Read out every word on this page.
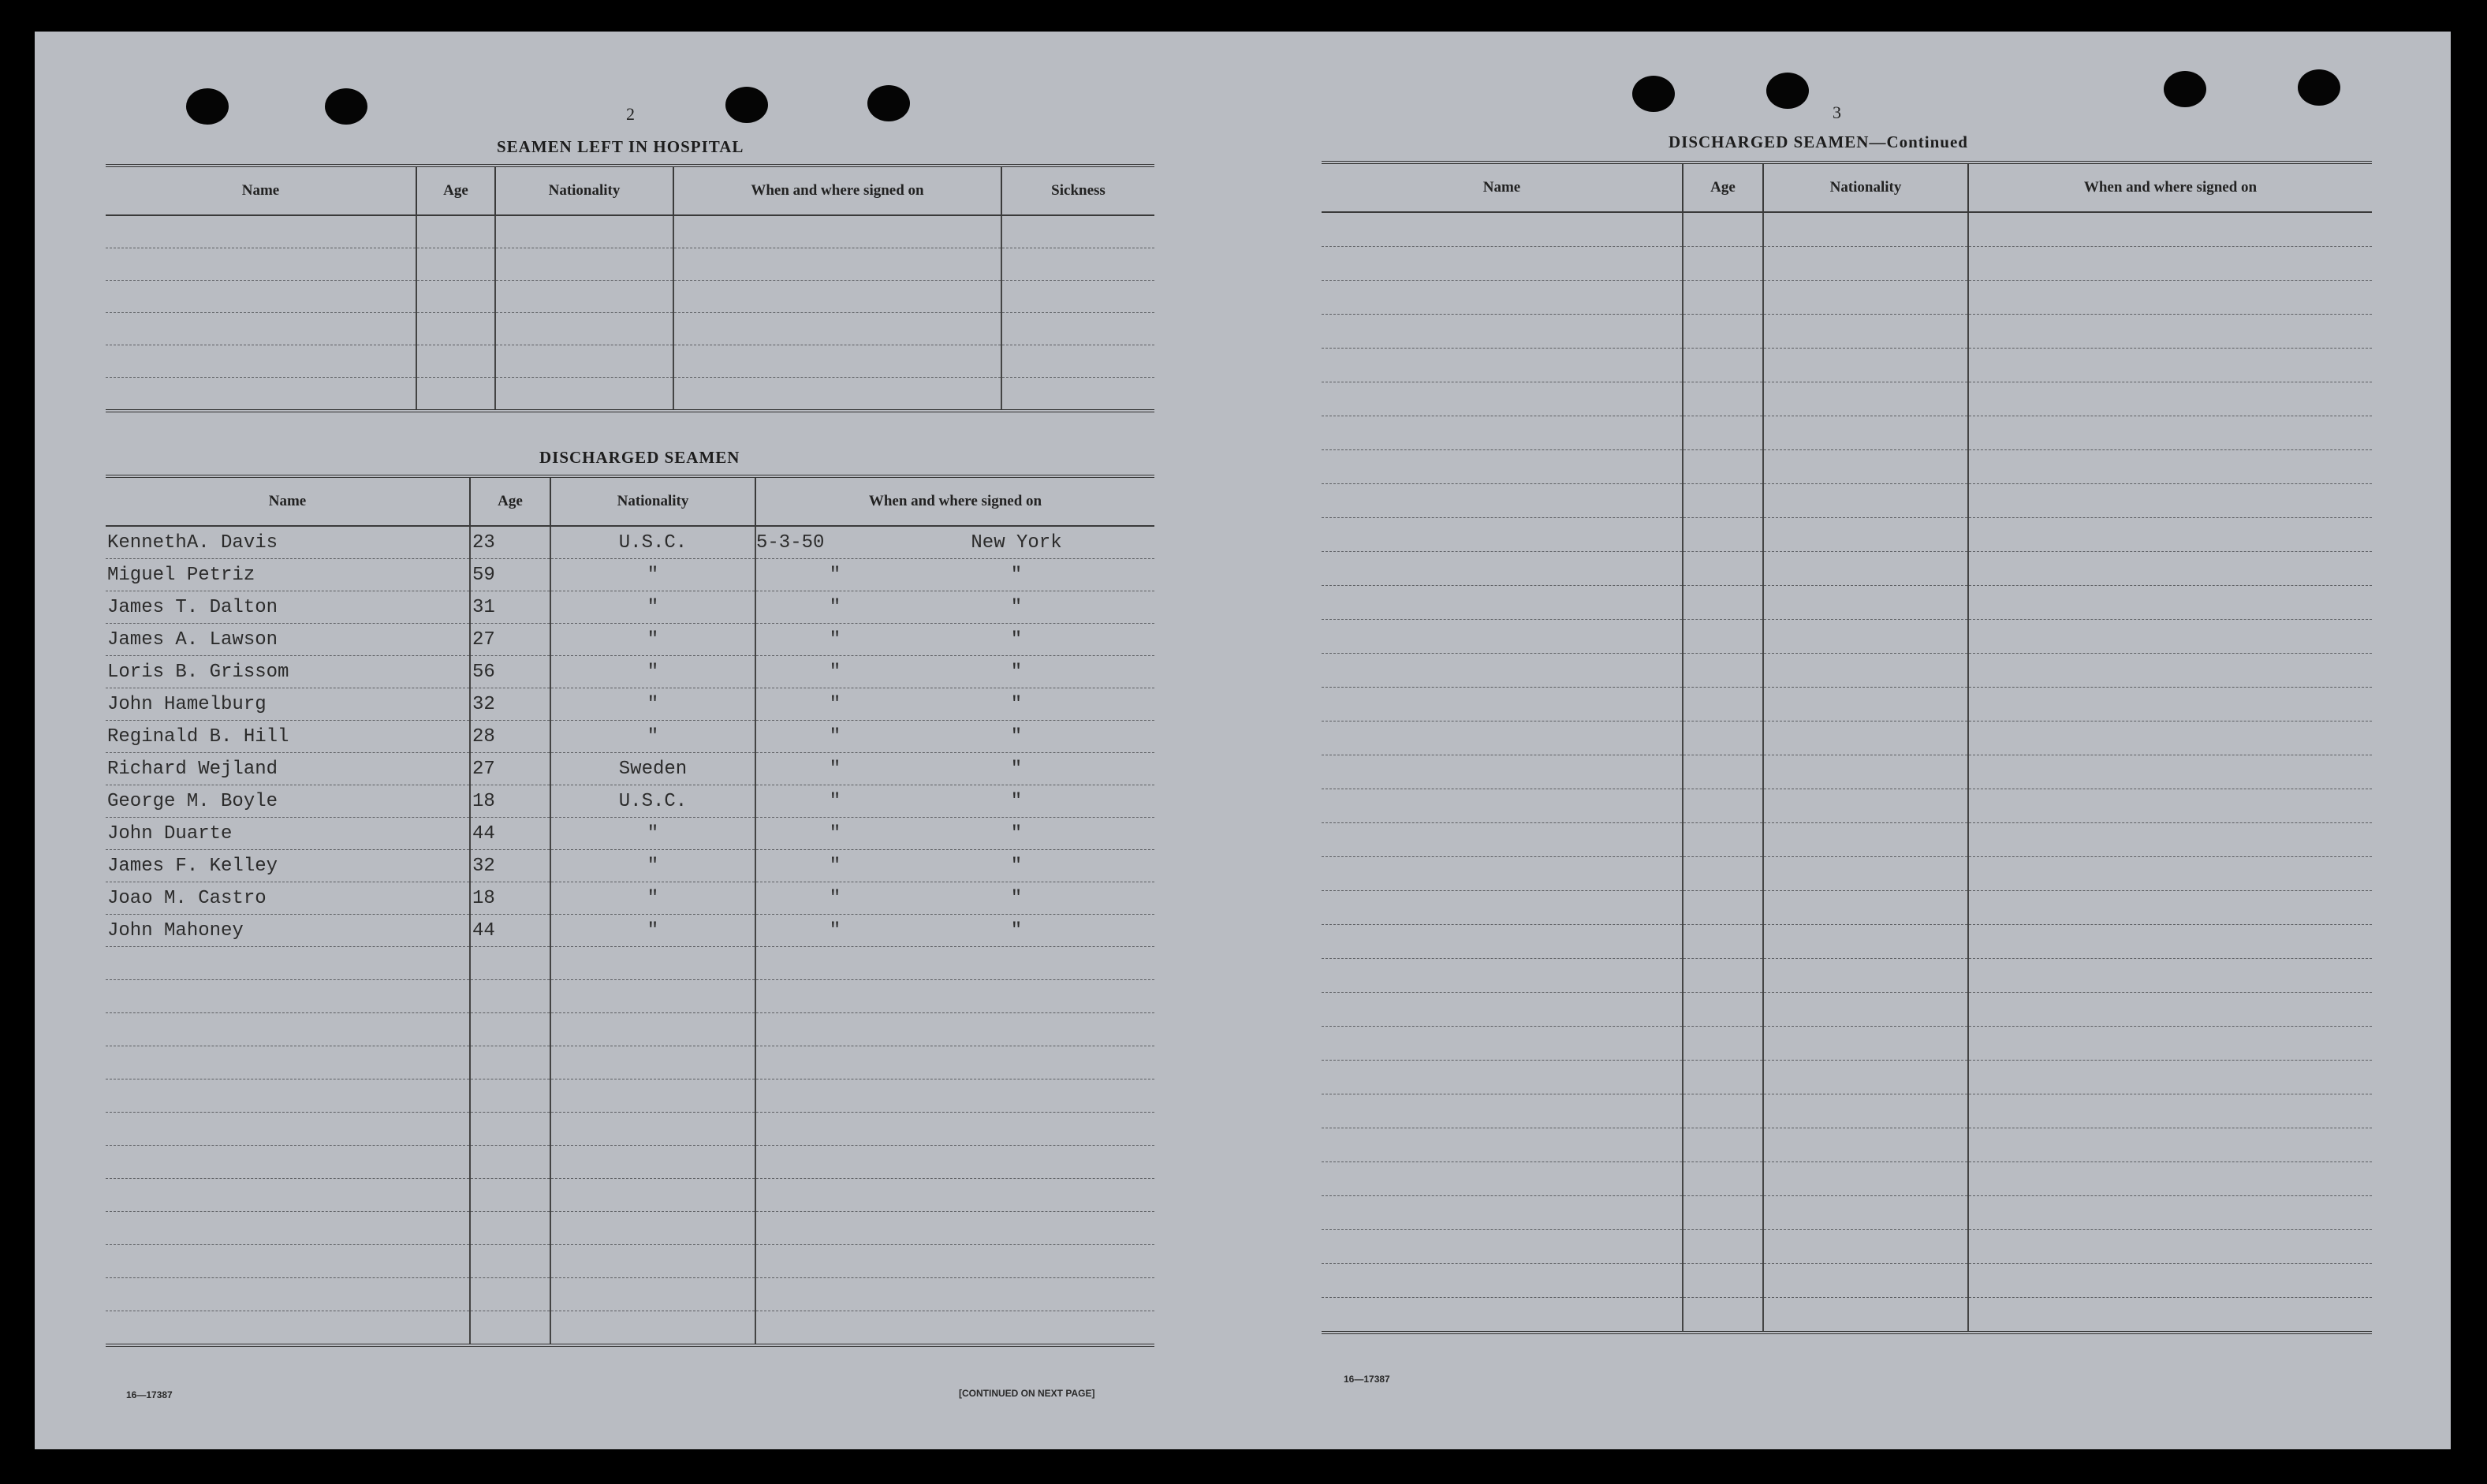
2
SEAMEN LEFT IN HOSPITAL
Name	Age	Nationality	When and where signed on	Sickness

DISCHARGED SEAMEN
Name	Age	Nationality	When and where signed on
KennethA. Davis	23	U.S.C.	5-3-50 New York
Miguel Petriz	59	"	" "
James T. Dalton	31	"	" "
James A. Lawson	27	"	" "
Loris B. Grissom	56	"	" "
John Hamelburg	32	"	" "
Reginald B. Hill	28	"	" "
Richard Wejland	27	Sweden	" "
George M. Boyle	18	U.S.C.	" "
John Duarte	44	"	" "
James F. Kelley	32	"	" "
Joao M. Castro	18	"	" "
John Mahoney	44	"	" "

16—17387	[CONTINUED ON NEXT PAGE]
3
DISCHARGED SEAMEN—Continued
Name	Age	Nationality	When and where signed on

16—17387
